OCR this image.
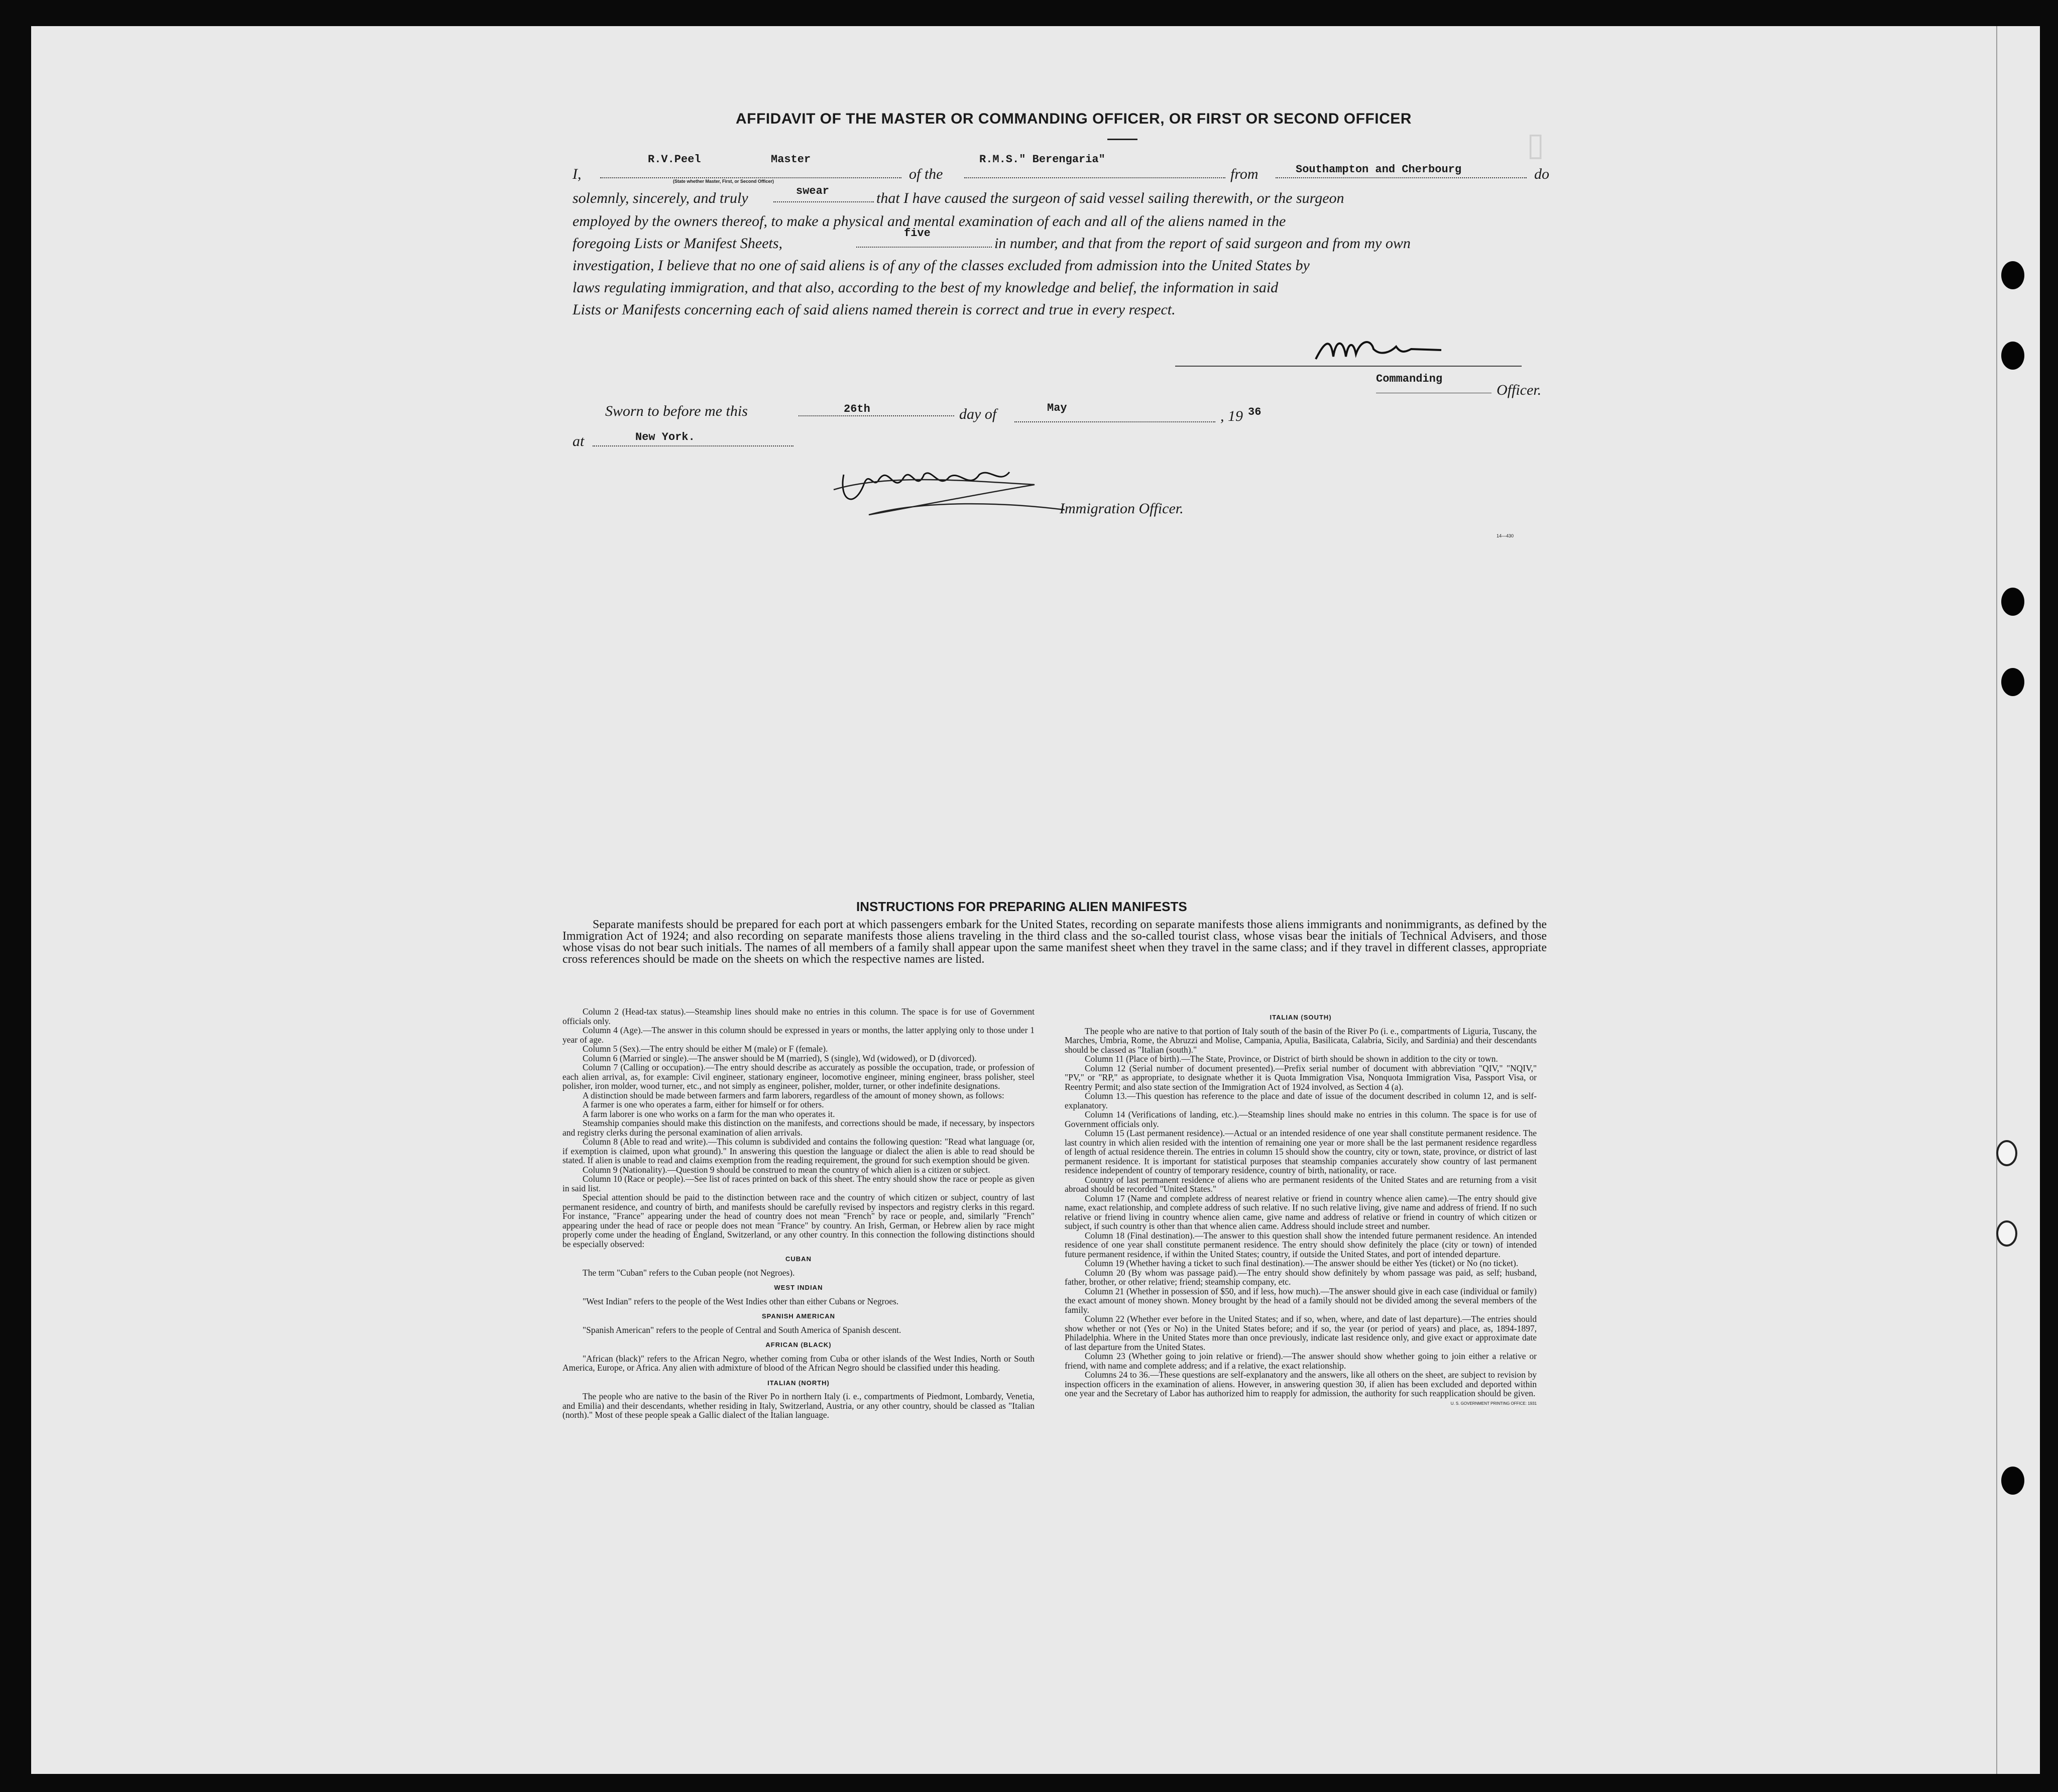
▯
AFFIDAVIT OF THE MASTER OR COMMANDING OFFICER, OR FIRST OR SECOND OFFICER
I,
R.V.Peel	Master
(State whether Master, First, or Second Officer)	of the
R.M.S." Berengaria"
from	Southampton and Cherbourg	do
solemnly, sincerely, and truly	swear	that I have caused the surgeon of said vessel sailing therewith, or the surgeon
employed by the owners thereof, to make a physical and mental examination of each and all of the aliens named in the
foregoing Lists or Manifest Sheets,
five
in number, and that from the report of said surgeon and from my own
investigation, I believe that no one of said aliens is of any of the classes excluded from admission into the United States by
laws regulating immigration, and that also, according to the best of my knowledge and belief, the information in said
Lists or Manifests concerning each of said aliens named therein is correct and true in every respect.
Commanding
Officer.
Sworn to before me this	26th	day of	May	, 19 36
at	New York.
Immigration Officer.
14—430
INSTRUCTIONS FOR PREPARING ALIEN MANIFESTS
Separate manifests should be prepared for each port at which passengers embark for the United States, recording on separate manifests those aliens immigrants and nonimmigrants, as defined by the Immigration Act of 1924; and also recording on separate manifests those aliens traveling in the third class and the so-called tourist class, whose visas bear the initials of Technical Advisers, and those whose visas do not bear such initials. The names of all members of a family shall appear upon the same manifest sheet when they travel in the same class; and if they travel in different classes, appropriate cross references should be made on the sheets on which the respective names are listed.

Column 2 (Head-tax status).—Steamship lines should make no entries in this column. The space is for use of Government officials only.

Column 4 (Age).—The answer in this column should be expressed in years or months, the latter applying only to those under 1 year of age.

Column 5 (Sex).—The entry should be either M (male) or F (female).

Column 6 (Married or single).—The answer should be M (married), S (single), Wd (widowed), or D (divorced).

Column 7 (Calling or occupation).—The entry should describe as accurately as possible the occupation, trade, or profession of each alien arrival, as, for example: Civil engineer, stationary engineer, locomotive engineer, mining engineer, brass polisher, steel polisher, iron molder, wood turner, etc., and not simply as engineer, polisher, molder, turner, or other indefinite designations.

A distinction should be made between farmers and farm laborers, regardless of the amount of money shown, as follows:

A farmer is one who operates a farm, either for himself or for others.

A farm laborer is one who works on a farm for the man who operates it.

Steamship companies should make this distinction on the manifests, and corrections should be made, if necessary, by inspectors and registry clerks during the personal examination of alien arrivals.

Column 8 (Able to read and write).—This column is subdivided and contains the following question: "Read what language (or, if exemption is claimed, upon what ground)." In answering this question the language or dialect the alien is able to read should be stated. If alien is unable to read and claims exemption from the reading requirement, the ground for such exemption should be given.

Column 9 (Nationality).—Question 9 should be construed to mean the country of which alien is a citizen or subject.

Column 10 (Race or people).—See list of races printed on back of this sheet. The entry should show the race or people as given in said list.

Special attention should be paid to the distinction between race and the country of which citizen or subject, country of last permanent residence, and country of birth, and manifests should be carefully revised by inspectors and registry clerks in this regard. For instance, "France" appearing under the head of country does not mean "French" by race or people, and, similarly "French" appearing under the head of race or people does not mean "France" by country. An Irish, German, or Hebrew alien by race might properly come under the heading of England, Switzerland, or any other country. In this connection the following distinctions should be especially observed:

CUBAN

The term "Cuban" refers to the Cuban people (not Negroes).

WEST INDIAN

"West Indian" refers to the people of the West Indies other than either Cubans or Negroes.

SPANISH AMERICAN

"Spanish American" refers to the people of Central and South America of Spanish descent.

AFRICAN (BLACK)

"African (black)" refers to the African Negro, whether coming from Cuba or other islands of the West Indies, North or South America, Europe, or Africa. Any alien with admixture of blood of the African Negro should be classified under this heading.

ITALIAN (NORTH)

The people who are native to the basin of the River Po in northern Italy (i. e., compartments of Piedmont, Lombardy, Venetia, and Emilia) and their descendants, whether residing in Italy, Switzerland, Austria, or any other country, should be classed as "Italian (north)." Most of these people speak a Gallic dialect of the Italian language.

ITALIAN (SOUTH)

The people who are native to that portion of Italy south of the basin of the River Po (i. e., compartments of Liguria, Tuscany, the Marches, Umbria, Rome, the Abruzzi and Molise, Campania, Apulia, Basilicata, Calabria, Sicily, and Sardinia) and their descendants should be classed as "Italian (south)."

Column 11 (Place of birth).—The State, Province, or District of birth should be shown in addition to the city or town.

Column 12 (Serial number of document presented).—Prefix serial number of document with abbreviation "QIV," "NQIV," "PV," or "RP," as appropriate, to designate whether it is Quota Immigration Visa, Nonquota Immigration Visa, Passport Visa, or Reentry Permit; and also state section of the Immigration Act of 1924 involved, as Section 4 (a).

Column 13.—This question has reference to the place and date of issue of the document described in column 12, and is self-explanatory.

Column 14 (Verifications of landing, etc.).—Steamship lines should make no entries in this column. The space is for use of Government officials only.

Column 15 (Last permanent residence).—Actual or an intended residence of one year shall constitute permanent residence. The last country in which alien resided with the intention of remaining one year or more shall be the last permanent residence regardless of length of actual residence therein. The entries in column 15 should show the country, city or town, state, province, or district of last permanent residence. It is important for statistical purposes that steamship companies accurately show country of last permanent residence independent of country of temporary residence, country of birth, nationality, or race.

Country of last permanent residence of aliens who are permanent residents of the United States and are returning from a visit abroad should be recorded "United States."

Column 17 (Name and complete address of nearest relative or friend in country whence alien came).—The entry should give name, exact relationship, and complete address of such relative. If no such relative living, give name and address of friend. If no such relative or friend living in country whence alien came, give name and address of relative or friend in country of which citizen or subject, if such country is other than that whence alien came. Address should include street and number.

Column 18 (Final destination).—The answer to this question shall show the intended future permanent residence. An intended residence of one year shall constitute permanent residence. The entry should show definitely the place (city or town) of intended future permanent residence, if within the United States; country, if outside the United States, and port of intended departure.

Column 19 (Whether having a ticket to such final destination).—The answer should be either Yes (ticket) or No (no ticket).

Column 20 (By whom was passage paid).—The entry should show definitely by whom passage was paid, as self; husband, father, brother, or other relative; friend; steamship company, etc.

Column 21 (Whether in possession of $50, and if less, how much).—The answer should give in each case (individual or family) the exact amount of money shown. Money brought by the head of a family should not be divided among the several members of the family.

Column 22 (Whether ever before in the United States; and if so, when, where, and date of last departure).—The entries should show whether or not (Yes or No) in the United States before; and if so, the year (or period of years) and place, as, 1894-1897, Philadelphia. Where in the United States more than once previously, indicate last residence only, and give exact or approximate date of last departure from the United States.

Column 23 (Whether going to join relative or friend).—The answer should show whether going to join either a relative or friend, with name and complete address; and if a relative, the exact relationship.

Columns 24 to 36.—These questions are self-explanatory and the answers, like all others on the sheet, are subject to revision by inspection officers in the examination of aliens. However, in answering question 30, if alien has been excluded and deported within one year and the Secretary of Labor has authorized him to reapply for admission, the authority for such reapplication should be given.

U. S. GOVERNMENT PRINTING OFFICE: 1931
